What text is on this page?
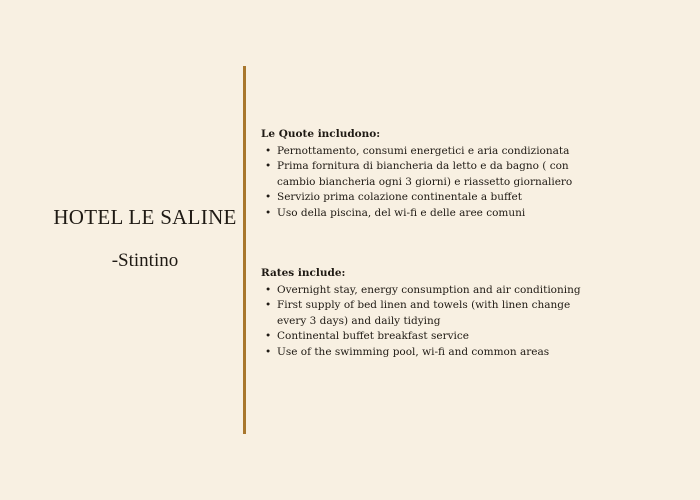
HOTEL LE SALINE
-Stintino
Le Quote includono:
• Pernottamento, consumi energetici e aria condizionata
• Prima fornitura di biancheria da letto e da bagno ( con cambio biancheria ogni 3 giorni) e riassetto giornaliero
• Servizio prima colazione continentale a buffet
• Uso della piscina, del wi-fi e delle aree comuni
Rates include:
• Overnight stay, energy consumption and air conditioning
• First supply of bed linen and towels (with linen change every 3 days) and daily tidying
• Continental buffet breakfast service
• Use of the swimming pool, wi-fi and common areas
